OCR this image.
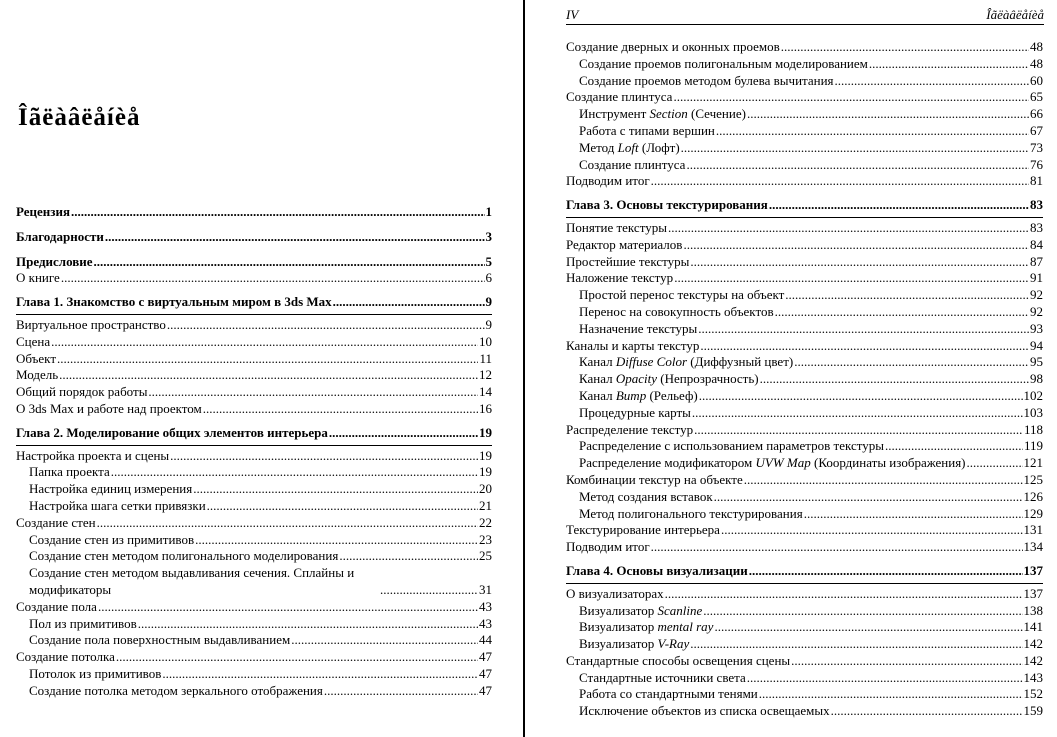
Îãëàâëåíèå
Рецензия .....	1
Благодарности .....	3
Предисловие .....	5
О книге .....	6
Глава 1. Знакомство с виртуальным миром в 3ds Max .....	9
Виртуальное пространство .....	9
Сцена .....	10
Объект .....	11
Модель .....	12
Общий порядок работы .....	14
О 3ds Max и работе над проектом .....	16
Глава 2. Моделирование общих элементов интерьера .....	19
Настройка проекта и сцены .....	19
Папка проекта .....	19
Настройка единиц измерения .....	20
Настройка шага сетки привязки .....	21
Создание стен .....	22
Создание стен из примитивов .....	23
Создание стен методом полигонального моделирования .....	25
Создание стен методом выдавливания сечения. Сплайны и модификаторы .....	31
Создание пола .....	43
Пол из примитивов .....	43
Создание пола поверхностным выдавливанием .....	44
Создание потолка .....	47
Потолок из примитивов .....	47
Создание потолка методом зеркального отображения .....	47
IV	Îãëàâëåíèå
Создание дверных и оконных проемов .....	48
Создание проемов полигональным моделированием .....	48
Создание проемов методом булева вычитания .....	60
Создание плинтуса .....	65
Инструмент Section (Сечение) .....	66
Работа с типами вершин .....	67
Метод Loft (Лофт) .....	73
Создание плинтуса .....	76
Подводим итог .....	81
Глава 3. Основы текстурирования .....	83
Понятие текстуры .....	83
Редактор материалов .....	84
Простейшие текстуры .....	87
Наложение текстур .....	91
Простой перенос текстуры на объект .....	92
Перенос на совокупность объектов .....	92
Назначение текстуры .....	93
Каналы и карты текстур .....	94
Канал Diffuse Color (Диффузный цвет) .....	95
Канал Opacity (Непрозрачность) .....	98
Канал Bump (Рельеф) .....	102
Процедурные карты .....	103
Распределение текстур .....	118
Распределение с использованием параметров текстуры .....	119
Распределение модификатором UVW Map (Координаты изображения) .....	121
Комбинации текстур на объекте .....	125
Метод создания вставок .....	126
Метод полигонального текстурирования .....	129
Текстурирование интерьера .....	131
Подводим итог .....	134
Глава 4. Основы визуализации .....	137
О визуализаторах .....	137
Визуализатор Scanline .....	138
Визуализатор mental ray .....	141
Визуализатор V-Ray .....	142
Стандартные способы освещения сцены .....	142
Стандартные источники света .....	143
Работа со стандартными тенями .....	152
Исключение объектов из списка освещаемых .....	159
